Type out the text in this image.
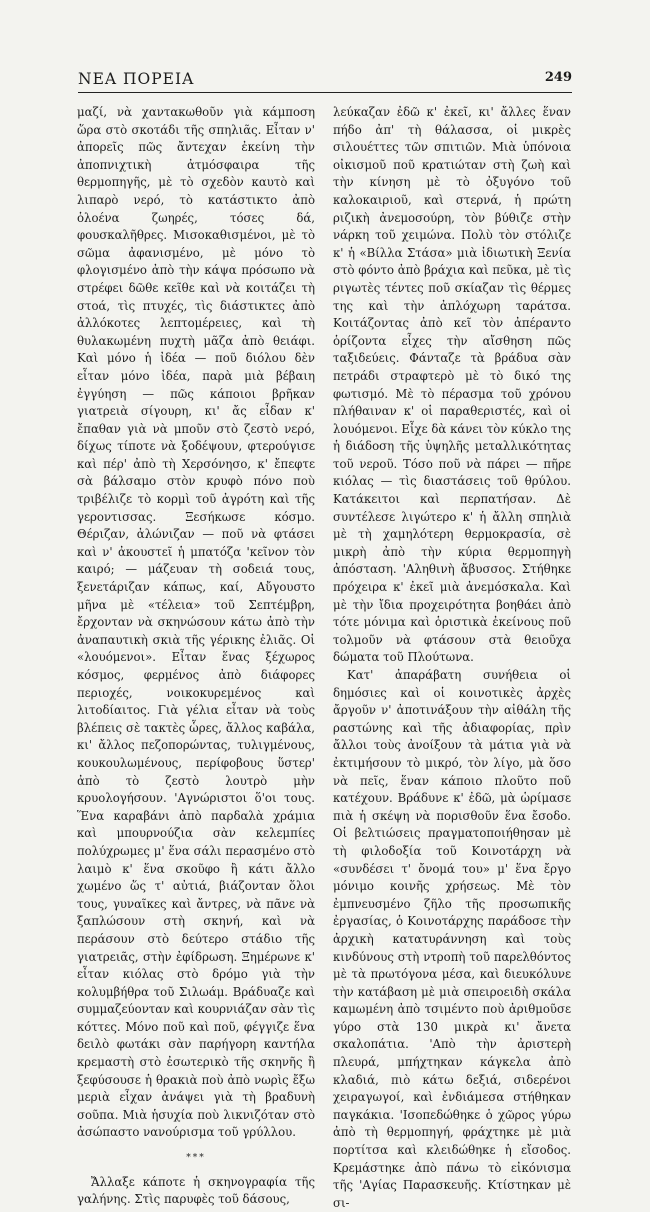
ΝΕΑ ΠΟΡΕΙΑ	249

μαζί, νὰ χαντακωθοῦν γιὰ κάμποση ὥρα στὸ σκοτάδι τῆς σπηλιᾶς. Εἶταν ν' ἀπορεῖς πῶς ἄντεχαν ἐκείνη τὴν ἀποπνιχτικὴ ἀτμόσφαιρα τῆς θερμοπηγῆς, μὲ τὸ σχεδὸν καυτὸ καὶ λιπαρὸ νερό, τὸ κατάστικτο ἀπὸ ὁλοένα ζωηρές, τόσες δά, φουσκαλῆθρες. Μισοκαθισμένοι, μὲ τὸ σῶμα ἀφανισμένο, μὲ μόνο τὸ φλογισμένο ἀπὸ τὴν κάψα πρόσωπο νὰ στρέφει δῶθε κεῖθε καὶ νὰ κοιτάζει τὴ στοά, τὶς πτυχές, τὶς διάστικτες ἀπὸ ἀλλόκοτες λεπτομέρειες, καὶ τὴ θυλακωμένη πυχτὴ μᾶζα ἀπὸ θειάφι. Καὶ μόνο ἡ ἰδέα — ποῦ διόλου δὲν εἶταν μόνο ἰδέα, παρὰ μιὰ βέβαιη ἐγγύηση — πῶς κάποιοι βρῆκαν γιατρειὰ σίγουρη, κι' ἄς εἶδαν κ' ἔπαθαν γιὰ νὰ μποῦν στὸ ζεστὸ νερό, δίχως τίποτε νὰ ξοδέψουν, φτερούγισε καὶ πέρ' ἀπὸ τὴ Χερσόνησο, κ' ἔπεφτε σὰ βάλσαμο στὸν κρυφὸ πόνο ποὺ τριβέλιζε τὸ κορμὶ τοῦ ἀγρότη καὶ τῆς γεροντισσας. Ξεσήκωσε κόσμο. Θέριζαν, ἀλώνιζαν — ποῦ νὰ φτάσει καὶ ν' ἀκουστεῖ ἡ μπατόζα 'κεῖνον τὸν καιρό; — μάζευαν τὴ σοδειά τους, ξενετάριζαν κάπως, καί, Αὔγουστο μῆνα μὲ «τέλεια» τοῦ Σεπτέμβρη, ἔρχονταν νὰ σκηνώσουν κάτω ἀπὸ τὴν ἀναπαυτικὴ σκιὰ τῆς γέρικης ἐλιᾶς. Οἱ «λουόμενοι». Εἶταν ἕνας ξέχωρος κόσμος, φερμένος ἀπὸ διάφορες περιοχές, νοικοκυρεμένος καὶ λιτοδίαιτος. Γιὰ γέλια εἶταν νὰ τοὺς βλέπεις σὲ τακτὲς ὧρες, ἄλλος καβάλα, κι' ἄλλος πεζοπορώντας, τυλιγμένους, κουκουλωμένους, περίφοβους ὕστερ' ἀπὸ τὸ ζεστὸ λουτρὸ μὴν κρυολογήσουν. 'Αγνώριστοι ὅ'οι τους. Ἕνα καραβάνι ἀπὸ παρδαλὰ χράμια καὶ μπουρνούζια σὰν κελεμπίες πολύχρωμες μ' ἕνα σάλι περασμένο στὸ λαιμὸ κ' ἕνα σκοῦφο ἢ κάτι ἄλλο χωμένο ὥς τ' αὐτιά, βιάζονταν ὅλοι τους, γυναῖκες καὶ ἄντρες, νὰ πᾶνε νὰ ξαπλώσουν στὴ σκηνή, καὶ νὰ περάσουν στὸ δεύτερο στάδιο τῆς γιατρειᾶς, στὴν ἐφίδρωση. Ξημέρωνε κ' εἶταν κιόλας στὸ δρόμο γιὰ τὴν κολυμβήθρα τοῦ Σιλωάμ. Βράδυαζε καὶ συμμαζεύονταν καὶ κουρνιάζαν σὰν τὶς κόττες. Μόνο ποῦ καὶ ποῦ, φέγγιζε ἕνα δειλὸ φωτάκι σὰν παρήγορη καντήλα κρεμαστὴ στὸ ἐσωτερικὸ τῆς σκηνῆς ἢ ξεφύσουσε ἡ θρακιὰ ποὺ ἀπὸ νωρὶς ἔξω μεριὰ εἶχαν ἀνάψει γιὰ τὴ βραδυνὴ σοῦπα. Μιὰ ἡσυχία ποὺ λικνιζόταν στὸ ἀσώπαστο νανούρισμα τοῦ γρύλλου.

***

Ἄλλαξε κάποτε ἡ σκηνογραφία τῆς γαλήνης. Στὶς παρυφὲς τοῦ δάσους,

λεύκαζαν ἐδῶ κ' ἐκεῖ, κι' ἄλλες ἕναν πήδο ἀπ' τὴ θάλασσα, οἱ μικρὲς σιλουέττες τῶν σπιτιῶν. Μιὰ ὑπόνοια οἰκισμοῦ ποῦ κρατιώταν στὴ ζωὴ καὶ τὴν κίνηση μὲ τὸ ὀξυγόνο τοῦ καλοκαιριοῦ, καὶ στερνά, ἡ πρώτη ριζικὴ ἀνεμοσούρη, τὸν βύθιζε στὴν νάρκη τοῦ χειμώνα. Πολὺ τὸν στόλιζε κ' ἡ «Βίλλα Στάσα» μιὰ ἰδιωτικὴ Ξενία στὸ φόντο ἀπὸ βράχια καὶ πεῦκα, μὲ τὶς ριγωτὲς τέντες ποῦ σκίαζαν τὶς θέρμες της καὶ τὴν ἀπλόχωρη ταράτσα. Κοιτάζοντας ἀπὸ κεῖ τὸν ἀπέραντο ὁρίζοντα εἶχες τὴν αἴσθηση πῶς ταξιδεύεις. Φάνταζε τὰ βράδυα σὰν πετράδι στραφτερὸ μὲ τὸ δικό της φωτισμό. Μὲ τὸ πέρασμα τοῦ χρόνου πλήθαιναν κ' οἱ παραθεριστές, καὶ οἱ λουόμενοι. Εἶχε δὰ κάνει τὸν κύκλο της ἡ διάδοση τῆς ὑψηλῆς μεταλλικότητας τοῦ νεροῦ. Τόσο ποῦ νὰ πάρει — πῆρε κιόλας — τὶς διαστάσεις τοῦ θρύλου. Κατάκειτοι καὶ περπατήσαν. Δὲ συντέλεσε λιγώτερο κ' ἡ ἄλλη σπηλιὰ μὲ τὴ χαμηλότερη θερμοκρασία, σὲ μικρὴ ἀπὸ τὴν κύρια θερμοπηγὴ ἀπόσταση. 'Αληθινὴ ἄβυσσος. Στήθηκε πρόχειρα κ' ἐκεῖ μιὰ ἀνεμόσκαλα. Καὶ μὲ τὴν ἴδια προχειρότητα βοηθάει ἀπὸ τότε μόνιμα καὶ ὁριστικὰ ἐκείνους ποῦ τολμοῦν νὰ φτάσουν στὰ θειοῦχα δώματα τοῦ Πλούτωνα.

Κατ' ἀπαράβατη συνήθεια οἱ δημόσιες καὶ οἱ κοινοτικὲς ἀρχὲς ἄργοῦν ν' ἀποτινάξουν τὴν αἰθάλη τῆς ραστώνης καὶ τῆς ἀδιαφορίας, πρὶν ἄλλοι τοὺς ἀνοίξουν τὰ μάτια γιὰ νὰ ἐκτιμήσουν τὸ μικρό, τὸν λίγο, μὰ ὅσο νὰ πεῖς, ἕναν κάποιο πλοῦτο ποῦ κατέχουν. Βράδυνε κ' ἐδῶ, μὰ ὡρίμασε πιὰ ἡ σκέψη νὰ πορισθοῦν ἕνα ἔσοδο. Οἱ βελτιώσεις πραγματοποιήθησαν μὲ τὴ φιλοδοξία τοῦ Κοινοτάρχη νὰ «συνδέσει τ' ὄνομά του» μ' ἕνα ἔργο μόνιμο κοινῆς χρήσεως. Μὲ τὸν ἐμπνευσμένο ζῆλο τῆς προσωπικῆς ἐργασίας, ὁ Κοινοτάρχης παράδοσε τὴν ἀρχικὴ κατατυράννηση καὶ τοὺς κινδύνους στὴ ντροπὴ τοῦ παρελθόντος μὲ τὰ πρωτόγονα μέσα, καὶ διευκόλυνε τὴν κατάβαση μὲ μιὰ σπειροειδὴ σκάλα καμωμένη ἀπὸ τσιμέντο ποὺ ἀριθμοῦσε γύρο στὰ 130 μικρὰ κι' ἄνετα σκαλοπάτια. 'Απὸ τὴν ἀριστερὴ πλευρά, μπήχτηκαν κάγκελα ἀπὸ κλαδιά, πιὸ κάτω δεξιά, σιδερένοι χειραγωγοί, καὶ ἐνδιάμεσα στήθηκαν παγκάκια. 'Ισοπεδώθηκε ὁ χῶρος γύρω ἀπὸ τὴ θερμοπηγή, φράχτηκε μὲ μιὰ πορτίτσα καὶ κλειδώθηκε ἡ εἴσοδος. Κρεμάστηκε ἀπὸ πάνω τὸ εἰκόνισμα τῆς 'Αγίας Παρασκευῆς. Κτίστηκαν μὲ σι-
